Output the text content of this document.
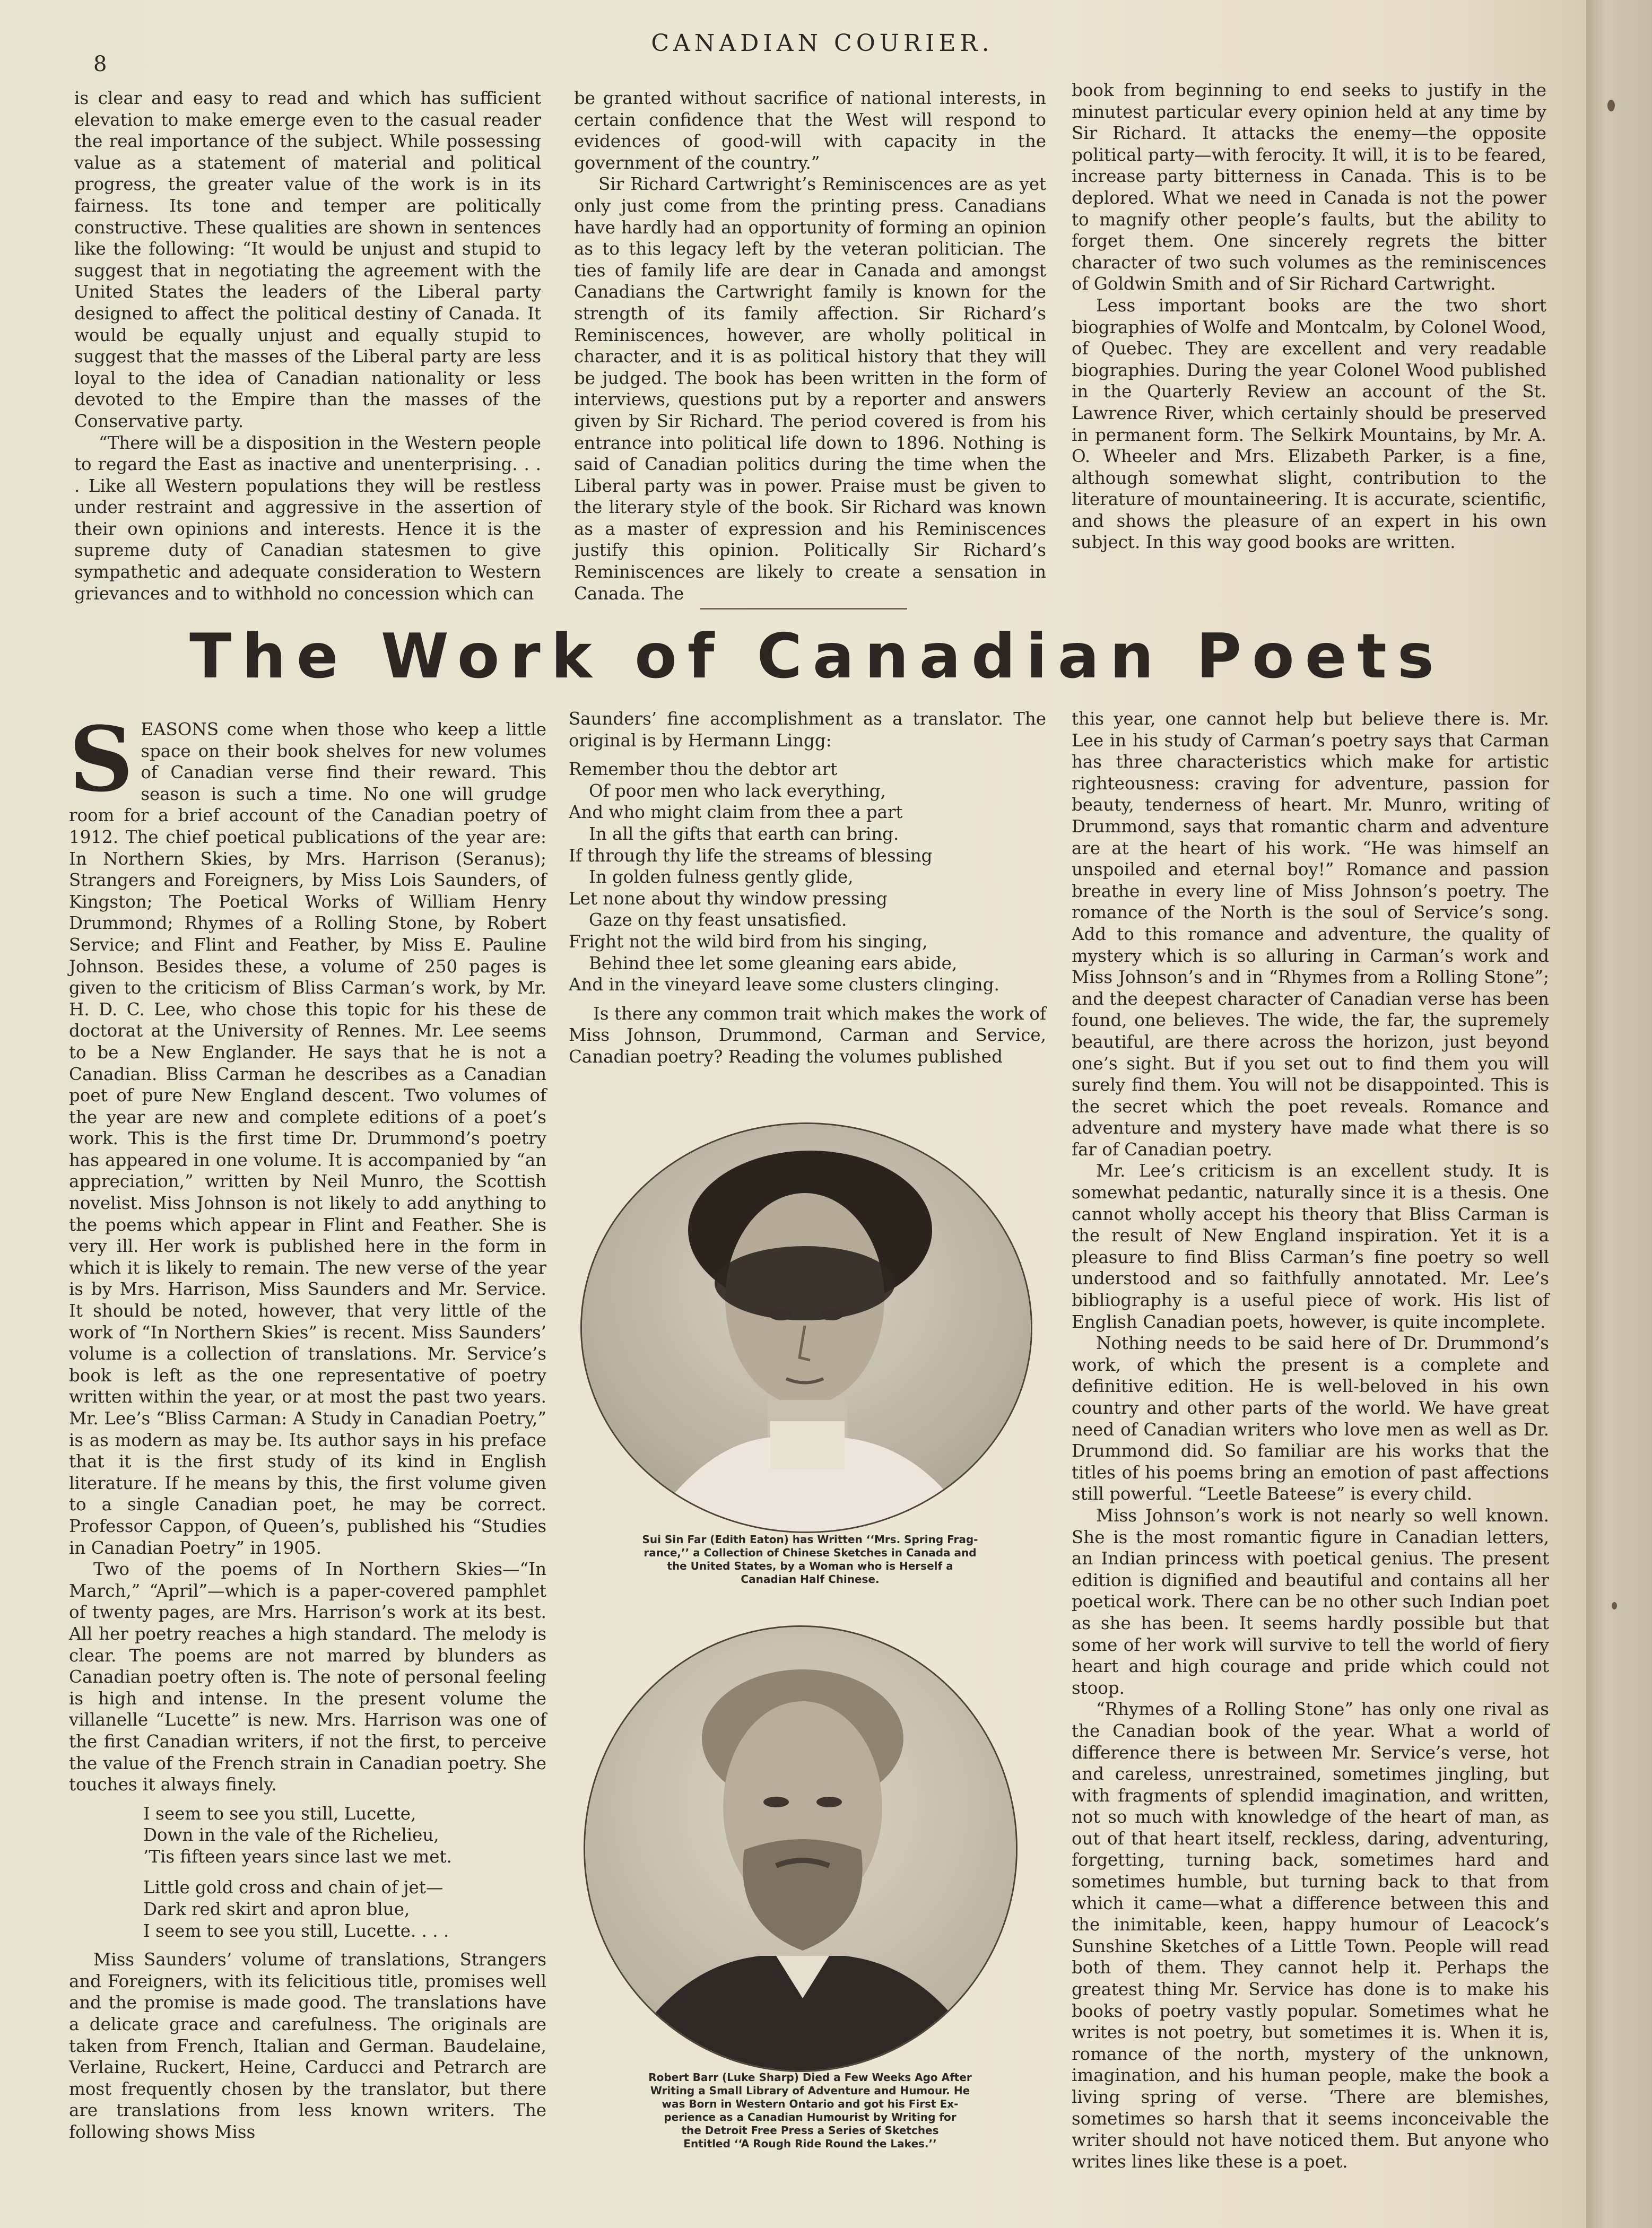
8
CANADIAN COURIER.

is clear and easy to read and which has sufficient elevation to make emerge even to the casual reader the real importance of the subject. While possessing value as a statement of material and political progress, the greater value of the work is in its fairness. Its tone and temper are politically constructive. These qualities are shown in sentences like the following: “It would be unjust and stupid to suggest that in negotiating the agreement with the United States the leaders of the Liberal party designed to affect the political destiny of Canada. It would be equally unjust and equally stupid to suggest that the masses of the Liberal party are less loyal to the idea of Canadian nationality or less devoted to the Empire than the masses of the Conservative party.

“There will be a disposition in the Western people to regard the East as inactive and unenterprising. . . . Like all Western populations they will be restless under restraint and aggressive in the assertion of their own opinions and interests. Hence it is the supreme duty of Canadian statesmen to give sympathetic and adequate consideration to Western grievances and to withhold no concession which can

be granted without sacrifice of national interests, in certain confidence that the West will respond to evidences of good-will with capacity in the government of the country.”

Sir Richard Cartwright’s Reminiscences are as yet only just come from the printing press. Canadians have hardly had an opportunity of forming an opinion as to this legacy left by the veteran politician. The ties of family life are dear in Canada and amongst Canadians the Cartwright family is known for the strength of its family affection. Sir Richard’s Reminiscences, however, are wholly political in character, and it is as political history that they will be judged. The book has been written in the form of interviews, questions put by a reporter and answers given by Sir Richard. The period covered is from his entrance into political life down to 1896. Nothing is said of Canadian politics during the time when the Liberal party was in power. Praise must be given to the literary style of the book. Sir Richard was known as a master of expression and his Reminiscences justify this opinion. Politically Sir Richard’s Reminiscences are likely to create a sensation in Canada. The

book from beginning to end seeks to justify in the minutest particular every opinion held at any time by Sir Richard. It attacks the enemy—the opposite political party—with ferocity. It will, it is to be feared, increase party bitterness in Canada. This is to be deplored. What we need in Canada is not the power to magnify other people’s faults, but the ability to forget them. One sincerely regrets the bitter character of two such volumes as the reminiscences of Goldwin Smith and of Sir Richard Cartwright.

Less important books are the two short biographies of Wolfe and Montcalm, by Colonel Wood, of Quebec. They are excellent and very readable biographies. During the year Colonel Wood published in the Quarterly Review an account of the St. Lawrence River, which certainly should be preserved in permanent form. The Selkirk Mountains, by Mr. A. O. Wheeler and Mrs. Elizabeth Parker, is a fine, although somewhat slight, contribution to the literature of mountaineering. It is accurate, scientific, and shows the pleasure of an expert in his own subject. In this way good books are written.

The Work of Canadian Poets

SEASONS come when those who keep a little space on their book shelves for new volumes of Canadian verse find their reward. This season is such a time. No one will grudge room for a brief account of the Canadian poetry of 1912. The chief poetical publications of the year are: In Northern Skies, by Mrs. Harrison (Seranus); Strangers and Foreigners, by Miss Lois Saunders, of Kingston; The Poetical Works of William Henry Drummond; Rhymes of a Rolling Stone, by Robert Service; and Flint and Feather, by Miss E. Pauline Johnson. Besides these, a volume of 250 pages is given to the criticism of Bliss Carman’s work, by Mr. H. D. C. Lee, who chose this topic for his these de doctorat at the University of Rennes. Mr. Lee seems to be a New Englander. He says that he is not a Canadian. Bliss Carman he describes as a Canadian poet of pure New England descent. Two volumes of the year are new and complete editions of a poet’s work. This is the first time Dr. Drummond’s poetry has appeared in one volume. It is accompanied by “an appreciation,” written by Neil Munro, the Scottish novelist. Miss Johnson is not likely to add anything to the poems which appear in Flint and Feather. She is very ill. Her work is published here in the form in which it is likely to remain. The new verse of the year is by Mrs. Harrison, Miss Saunders and Mr. Service. It should be noted, however, that very little of the work of “In Northern Skies” is recent. Miss Saunders’ volume is a collection of translations. Mr. Service’s book is left as the one representative of poetry written within the year, or at most the past two years. Mr. Lee’s “Bliss Carman: A Study in Canadian Poetry,” is as modern as may be. Its author says in his preface that it is the first study of its kind in English literature. If he means by this, the first volume given to a single Canadian poet, he may be correct. Professor Cappon, of Queen’s, published his “Studies in Canadian Poetry” in 1905.

Two of the poems of In Northern Skies—“In March,” “April”—which is a paper-covered pamphlet of twenty pages, are Mrs. Harrison’s work at its best. All her poetry reaches a high standard. The melody is clear. The poems are not marred by blunders as Canadian poetry often is. The note of personal feeling is high and intense. In the present volume the villanelle “Lucette” is new. Mrs. Harrison was one of the first Canadian writers, if not the first, to perceive the value of the French strain in Canadian poetry. She touches it always finely.

I seem to see you still, Lucette,
Down in the vale of the Richelieu,
’Tis fifteen years since last we met.
Little gold cross and chain of jet—
Dark red skirt and apron blue,
I seem to see you still, Lucette. . . .

Miss Saunders’ volume of translations, Strangers and Foreigners, with its felicitious title, promises well and the promise is made good. The translations have a delicate grace and carefulness. The originals are taken from French, Italian and German. Baudelaine, Verlaine, Ruckert, Heine, Carducci and Petrarch are most frequently chosen by the translator, but there are translations from less known writers. The following shows Miss

Saunders’ fine accomplishment as a translator. The original is by Hermann Lingg:

Remember thou the debtor art
Of poor men who lack everything,
And who might claim from thee a part
In all the gifts that earth can bring.
If through thy life the streams of blessing
In golden fulness gently glide,
Let none about thy window pressing
Gaze on thy feast unsatisfied.
Fright not the wild bird from his singing,
Behind thee let some gleaning ears abide,
And in the vineyard leave some clusters clinging.

Is there any common trait which makes the work of Miss Johnson, Drummond, Carman and Service, Canadian poetry? Reading the volumes published

Sui Sin Far (Edith Eaton) has Written ‘‘Mrs. Spring Frag-
rance,’’ a Collection of Chinese Sketches in Canada and
the United States, by a Woman who is Herself a
Canadian Half Chinese.
Robert Barr (Luke Sharp) Died a Few Weeks Ago After
Writing a Small Library of Adventure and Humour. He
was Born in Western Ontario and got his First Ex-
perience as a Canadian Humourist by Writing for
the Detroit Free Press a Series of Sketches
Entitled ‘‘A Rough Ride Round the Lakes.’’

this year, one cannot help but believe there is. Mr. Lee in his study of Carman’s poetry says that Carman has three characteristics which make for artistic righteousness: craving for adventure, passion for beauty, tenderness of heart. Mr. Munro, writing of Drummond, says that romantic charm and adventure are at the heart of his work. “He was himself an unspoiled and eternal boy!” Romance and passion breathe in every line of Miss Johnson’s poetry. The romance of the North is the soul of Service’s song. Add to this romance and adventure, the quality of mystery which is so alluring in Carman’s work and Miss Johnson’s and in “Rhymes from a Rolling Stone”; and the deepest character of Canadian verse has been found, one believes. The wide, the far, the supremely beautiful, are there across the horizon, just beyond one’s sight. But if you set out to find them you will surely find them. You will not be disappointed. This is the secret which the poet reveals. Romance and adventure and mystery have made what there is so far of Canadian poetry.

Mr. Lee’s criticism is an excellent study. It is somewhat pedantic, naturally since it is a thesis. One cannot wholly accept his theory that Bliss Carman is the result of New England inspiration. Yet it is a pleasure to find Bliss Carman’s fine poetry so well understood and so faithfully annotated. Mr. Lee’s bibliography is a useful piece of work. His list of English Canadian poets, however, is quite incomplete.

Nothing needs to be said here of Dr. Drummond’s work, of which the present is a complete and definitive edition. He is well-beloved in his own country and other parts of the world. We have great need of Canadian writers who love men as well as Dr. Drummond did. So familiar are his works that the titles of his poems bring an emotion of past affections still powerful. “Leetle Bateese” is every child.

Miss Johnson’s work is not nearly so well known. She is the most romantic figure in Canadian letters, an Indian princess with poetical genius. The present edition is dignified and beautiful and contains all her poetical work. There can be no other such Indian poet as she has been. It seems hardly possible but that some of her work will survive to tell the world of fiery heart and high courage and pride which could not stoop.

“Rhymes of a Rolling Stone” has only one rival as the Canadian book of the year. What a world of difference there is between Mr. Service’s verse, hot and careless, unrestrained, sometimes jingling, but with fragments of splendid imagination, and written, not so much with knowledge of the heart of man, as out of that heart itself, reckless, daring, adventuring, forgetting, turning back, sometimes hard and sometimes humble, but turning back to that from which it came—what a difference between this and the inimitable, keen, happy humour of Leacock’s Sunshine Sketches of a Little Town. People will read both of them. They cannot help it. Perhaps the greatest thing Mr. Service has done is to make his books of poetry vastly popular. Sometimes what he writes is not poetry, but sometimes it is. When it is, romance of the north, mystery of the unknown, imagination, and his human people, make the book a living spring of verse. ‘There are blemishes, sometimes so harsh that it seems inconceivable the writer should not have noticed them. But anyone who writes lines like these is a poet.
